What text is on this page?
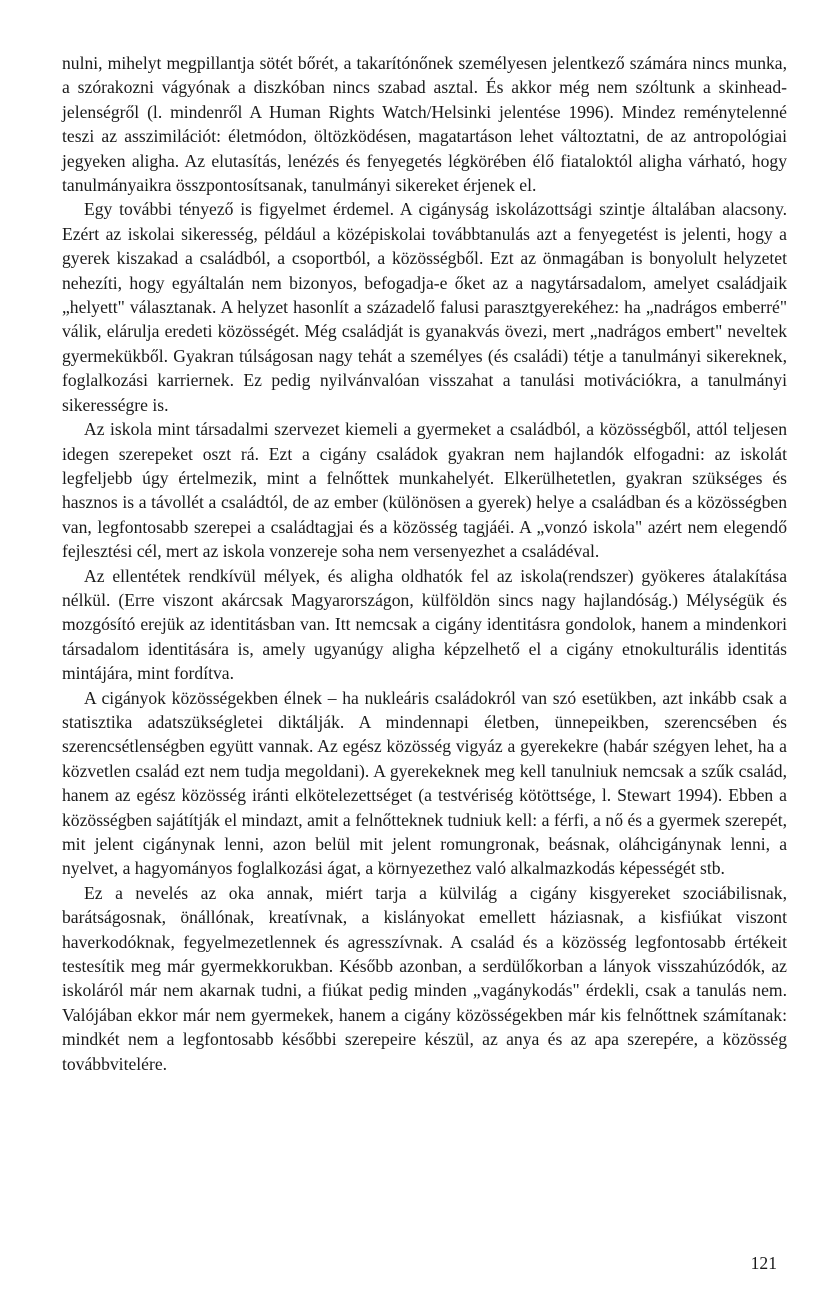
nulni, mihelyt megpillantja sötét bőrét, a takarítónőnek személyesen jelentkező számára nincs munka, a szórakozni vágyónak a diszkóban nincs szabad asztal. És akkor még nem szóltunk a skinhead-jelenségről (l. mindenről A Human Rights Watch/Helsinki jelentése 1996). Mindez reménytelenné teszi az asszimilációt: életmódon, öltözködésen, magatartáson lehet változtatni, de az antropológiai jegyeken aligha. Az elutasítás, lenézés és fenyegetés légkörében élő fiataloktól aligha várható, hogy tanulmányaikra összpontosítsanak, tanulmányi sikereket érjenek el.

Egy további tényező is figyelmet érdemel. A cigányság iskolázottsági szintje általában alacsony. Ezért az iskolai sikeresség, például a középiskolai továbbtanulás azt a fenyegetést is jelenti, hogy a gyerek kiszakad a családból, a csoportból, a közösségből. Ezt az önmagában is bonyolult helyzetet nehezíti, hogy egyáltalán nem bizonyos, befogadja-e őket az a nagytársadalom, amelyet családjaik „helyett" választanak. A helyzet hasonlít a századelő falusi parasztgyerekéhez: ha „nadrágos emberré" válik, elárulja eredeti közösségét. Még családját is gyanakvás övezi, mert „nadrágos embert" neveltek gyermekükből. Gyakran túlságosan nagy tehát a személyes (és családi) tétje a tanulmányi sikereknek, foglalkozási karriernek. Ez pedig nyilvánvalóan visszahat a tanulási motivációkra, a tanulmányi sikerességre is.

Az iskola mint társadalmi szervezet kiemeli a gyermeket a családból, a közösségből, attól teljesen idegen szerepeket oszt rá. Ezt a cigány családok gyakran nem hajlandók elfogadni: az iskolát legfeljebb úgy értelmezik, mint a felnőttek munkahelyét. Elkerülhetetlen, gyakran szükséges és hasznos is a távollét a családtól, de az ember (különösen a gyerek) helye a családban és a közösségben van, legfontosabb szerepei a családtagjai és a közösség tagjáéi. A „vonzó iskola" azért nem elegendő fejlesztési cél, mert az iskola vonzereje soha nem versenyezhet a családéval.

Az ellentétek rendkívül mélyek, és aligha oldhatók fel az iskola(rendszer) gyökeres átalakítása nélkül. (Erre viszont akárcsak Magyarországon, külföldön sincs nagy hajlandóság.) Mélységük és mozgósító erejük az identitásban van. Itt nemcsak a cigány identitásra gondolok, hanem a mindenkori társadalom identitására is, amely ugyanúgy aligha képzelhető el a cigány etnokulturális identitás mintájára, mint fordítva.

A cigányok közösségekben élnek – ha nukleáris családokról van szó esetükben, azt inkább csak a statisztika adatszükségletei diktálják. A mindennapi életben, ünnepeikben, szerencsében és szerencsétlenségben együtt vannak. Az egész közösség vigyáz a gyerekekre (habár szégyen lehet, ha a közvetlen család ezt nem tudja megoldani). A gyerekeknek meg kell tanulniuk nemcsak a szűk család, hanem az egész közösség iránti elkötelezettséget (a testvériség kötöttsége, l. Stewart 1994). Ebben a közösségben sajátítják el mindazt, amit a felnőtteknek tudniuk kell: a férfi, a nő és a gyermek szerepét, mit jelent cigánynak lenni, azon belül mit jelent romungronak, beásnak, oláhcigánynak lenni, a nyelvet, a hagyományos foglalkozási ágat, a környezethez való alkalmazkodás képességét stb.

Ez a nevelés az oka annak, miért tarja a külvilág a cigány kisgyereket szociábilisnak, barátságosnak, önállónak, kreatívnak, a kislányokat emellett háziasnak, a kisfiúkat viszont haverkodóknak, fegyelmezetlennek és agresszívnak. A család és a közösség legfontosabb értékeit testesítik meg már gyermekkorukban. Később azonban, a serdülőkorban a lányok visszahúzódók, az iskoláról már nem akarnak tudni, a fiúkat pedig minden „vagánykodás" érdekli, csak a tanulás nem. Valójában ekkor már nem gyermekek, hanem a cigány közösségekben már kis felnőttnek számítanak: mindkét nem a legfontosabb későbbi szerepeire készül, az anya és az apa szerepére, a közösség továbbvitelére.

121
